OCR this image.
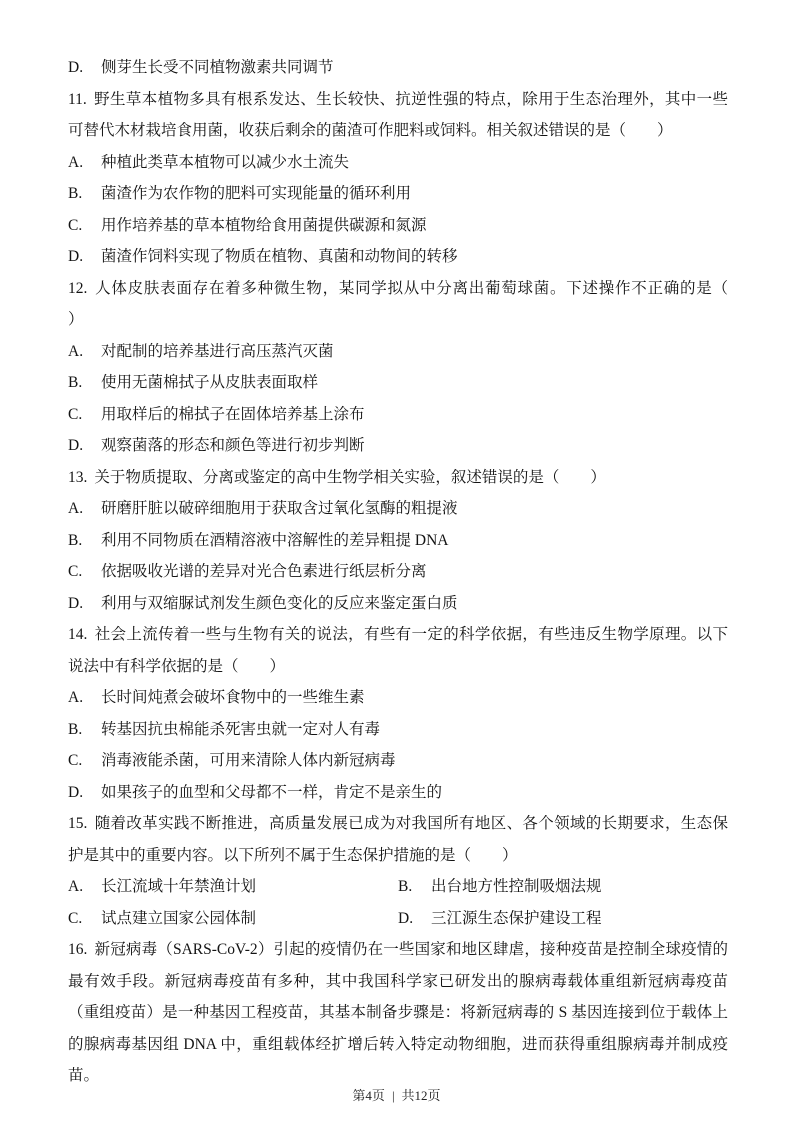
D. 侧芽生长受不同植物激素共同调节

11. 野生草本植物多具有根系发达、生长较快、抗逆性强的特点，除用于生态治理外，其中一些可替代木材栽培食用菌，收获后剩余的菌渣可作肥料或饲料。相关叙述错误的是（　　）

A. 种植此类草本植物可以减少水土流失

B. 菌渣作为农作物的肥料可实现能量的循环利用

C. 用作培养基的草本植物给食用菌提供碳源和氮源

D. 菌渣作饲料实现了物质在植物、真菌和动物间的转移

12. 人体皮肤表面存在着多种微生物，某同学拟从中分离出葡萄球菌。下述操作不正确的是（　　）

A. 对配制的培养基进行高压蒸汽灭菌

B. 使用无菌棉拭子从皮肤表面取样

C. 用取样后的棉拭子在固体培养基上涂布

D. 观察菌落的形态和颜色等进行初步判断

13. 关于物质提取、分离或鉴定的高中生物学相关实验，叙述错误的是（　　）

A. 研磨肝脏以破碎细胞用于获取含过氧化氢酶的粗提液

B. 利用不同物质在酒精溶液中溶解性的差异粗提 DNA

C. 依据吸收光谱的差异对光合色素进行纸层析分离

D. 利用与双缩脲试剂发生颜色变化的反应来鉴定蛋白质

14. 社会上流传着一些与生物有关的说法，有些有一定的科学依据，有些违反生物学原理。以下说法中有科学依据的是（　　）

A. 长时间炖煮会破坏食物中的一些维生素

B. 转基因抗虫棉能杀死害虫就一定对人有毒

C. 消毒液能杀菌，可用来清除人体内新冠病毒

D. 如果孩子的血型和父母都不一样，肯定不是亲生的

15. 随着改革实践不断推进，高质量发展已成为对我国所有地区、各个领域的长期要求，生态保护是其中的重要内容。以下所列不属于生态保护措施的是（　　）

A. 长江流域十年禁渔计划	B. 出台地方性控制吸烟法规

C. 试点建立国家公园体制	D. 三江源生态保护建设工程

16. 新冠病毒（SARS-CoV-2）引起的疫情仍在一些国家和地区肆虐，接种疫苗是控制全球疫情的最有效手段。新冠病毒疫苗有多种，其中我国科学家已研发出的腺病毒载体重组新冠病毒疫苗（重组疫苗）是一种基因工程疫苗，其基本制备步骤是：将新冠病毒的 S 基因连接到位于载体上的腺病毒基因组 DNA 中，重组载体经扩增后转入特定动物细胞，进而获得重组腺病毒并制成疫苗。

第4页 | 共12页
